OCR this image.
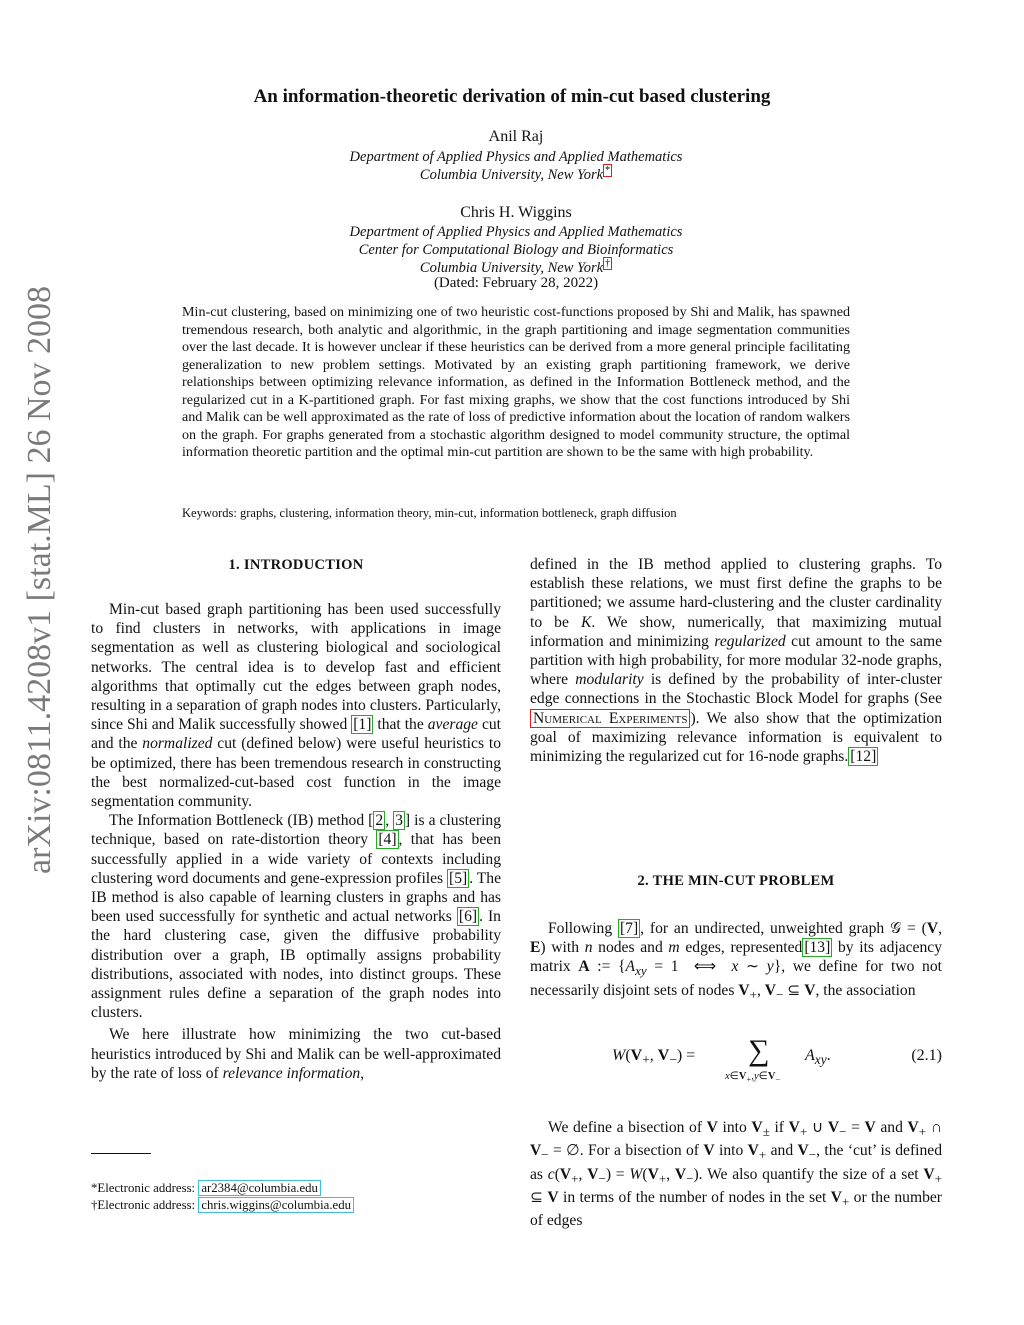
arXiv:0811.4208v1 [stat.ML] 26 Nov 2008
An information-theoretic derivation of min-cut based clustering
Anil Raj
Department of Applied Physics and Applied Mathematics
Columbia University, New York *
Chris H. Wiggins
Department of Applied Physics and Applied Mathematics
Center for Computational Biology and Bioinformatics
Columbia University, New York †
(Dated: February 28, 2022)
Min-cut clustering, based on minimizing one of two heuristic cost-functions proposed by Shi and Malik, has spawned tremendous research, both analytic and algorithmic, in the graph partitioning and image segmentation communities over the last decade. It is however unclear if these heuristics can be derived from a more general principle facilitating generalization to new problem settings. Motivated by an existing graph partitioning framework, we derive relationships between optimizing relevance information, as defined in the Information Bottleneck method, and the regularized cut in a K-partitioned graph. For fast mixing graphs, we show that the cost functions introduced by Shi and Malik can be well approximated as the rate of loss of predictive information about the location of random walkers on the graph. For graphs generated from a stochastic algorithm designed to model community structure, the optimal information theoretic partition and the optimal min-cut partition are shown to be the same with high probability.
Keywords: graphs, clustering, information theory, min-cut, information bottleneck, graph diffusion
1. INTRODUCTION

Min-cut based graph partitioning has been used successfully to find clusters in networks, with applications in image segmentation as well as clustering biological and sociological networks. The central idea is to develop fast and efficient algorithms that optimally cut the edges between graph nodes, resulting in a separation of graph nodes into clusters. Particularly, since Shi and Malik successfully showed [1] that the average cut and the normalized cut (defined below) were useful heuristics to be optimized, there has been tremendous research in constructing the best normalized-cut-based cost function in the image segmentation community.

The Information Bottleneck (IB) method [ 2 , 3 ] is a clustering technique, based on rate-distortion theory [4] , that has been successfully applied in a wide variety of contexts including clustering word documents and gene-expression profiles [5] . The IB method is also capable of learning clusters in graphs and has been used successfully for synthetic and actual networks [6] . In the hard clustering case, given the diffusive probability distribution over a graph, IB optimally assigns probability distributions, associated with nodes, into distinct groups. These assignment rules define a separation of the graph nodes into clusters.

We here illustrate how minimizing the two cut-based heuristics introduced by Shi and Malik can be well-approximated by the rate of loss of relevance information,

*Electronic address: ar2384@columbia.edu
†Electronic address: chris.wiggins@columbia.edu

defined in the IB method applied to clustering graphs. To establish these relations, we must first define the graphs to be partitioned; we assume hard-clustering and the cluster cardinality to be K. We show, numerically, that maximizing mutual information and minimizing regularized cut amount to the same partition with high probability, for more modular 32-node graphs, where modularity is defined by the probability of inter-cluster edge connections in the Stochastic Block Model for graphs (See Numerical Experiments ). We also show that the optimization goal of maximizing relevance information is equivalent to minimizing the regularized cut for 16-node graphs. [12]

2. THE MIN-CUT PROBLEM

Following [7] , for an undirected, unweighted graph 𝒢 = (V, E) with n nodes and m edges, represented [13] by its adjacency matrix A := {$A_{xy} = 1$  ⟺  x ∼ y}, we define for two not necessarily disjoint sets of nodes $V_+$, $V_-$ ⊆ V, the association

$W(V_+$, $V_-$) = ∑
$x\in V_+,y\in V_-$
$A_{xy}$.	(2.1)

We define a bisection of V into $V_\pm$ if $V_+$ ∪ $V_- = V$ and $V_+$ ∩ $V_-$ = ∅. For a bisection of V into $V_+$ and $V_-$, the ‘cut’ is defined as $c(V_+$, $V_-) = W(V_+$, $V_-$). We also quantify the size of a set $V_+$ ⊆ V in terms of the number of nodes in the set $V_+$ or the number of edges
